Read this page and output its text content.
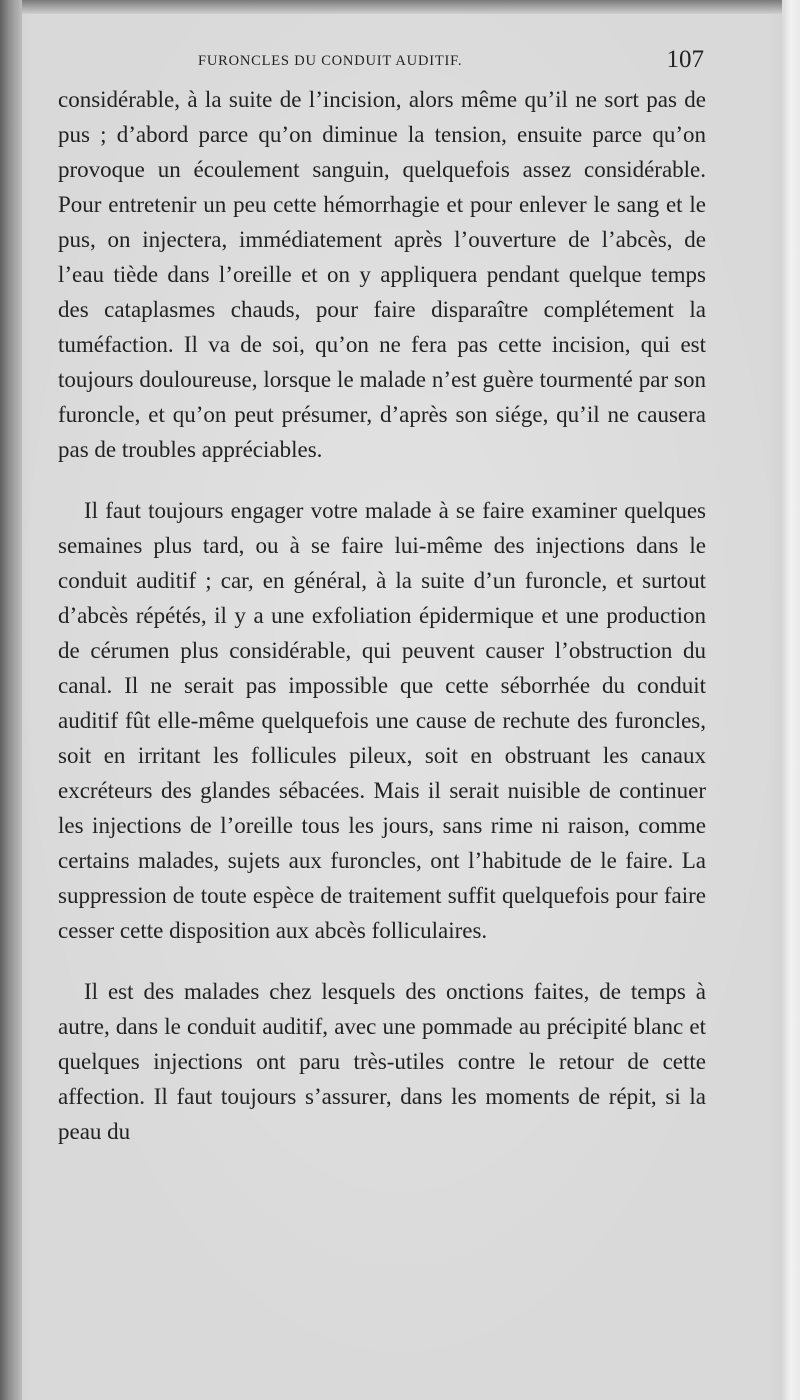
FURONCLES DU CONDUIT AUDITIF.	107

considérable, à la suite de l’incision, alors même qu’il ne sort pas de pus ; d’abord parce qu’on diminue la tension, ensuite parce qu’on provoque un écoulement sanguin, quelquefois assez considérable. Pour entretenir un peu cette hémorrhagie et pour enlever le sang et le pus, on injectera, immédiatement après l’ouverture de l’abcès, de l’eau tiède dans l’oreille et on y appliquera pendant quelque temps des cataplasmes chauds, pour faire disparaître complétement la tuméfaction. Il va de soi, qu’on ne fera pas cette incision, qui est toujours douloureuse, lorsque le malade n’est guère tourmenté par son furoncle, et qu’on peut présumer, d’après son siége, qu’il ne causera pas de troubles appréciables.

Il faut toujours engager votre malade à se faire examiner quelques semaines plus tard, ou à se faire lui-même des injections dans le conduit auditif ; car, en général, à la suite d’un furoncle, et surtout d’abcès répétés, il y a une exfoliation épidermique et une production de cérumen plus considérable, qui peuvent causer l’obstruction du canal. Il ne serait pas impossible que cette séborrhée du conduit auditif fût elle-même quelquefois une cause de rechute des furoncles, soit en irritant les follicules pileux, soit en obstruant les canaux excréteurs des glandes sébacées. Mais il serait nuisible de continuer les injections de l’oreille tous les jours, sans rime ni raison, comme certains malades, sujets aux furoncles, ont l’habitude de le faire. La suppression de toute espèce de traitement suffit quelquefois pour faire cesser cette disposition aux abcès folliculaires.

Il est des malades chez lesquels des onctions faites, de temps à autre, dans le conduit auditif, avec une pommade au précipité blanc et quelques injections ont paru très-utiles contre le retour de cette affection. Il faut toujours s’assurer, dans les moments de répit, si la peau du
